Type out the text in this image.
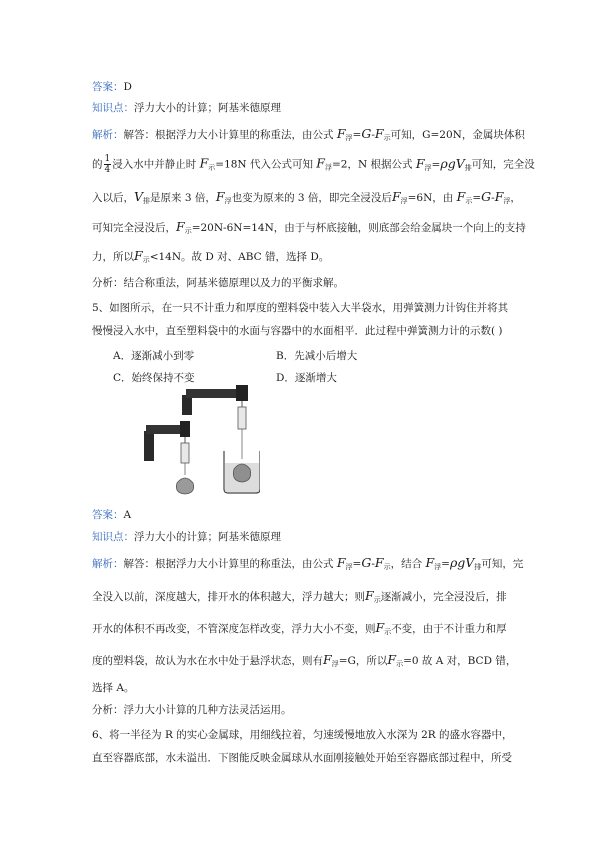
答案：D
知识点：浮力大小的计算；阿基米德原理
解析：解答：根据浮力大小计算里的称重法，由公式 $F_浮=G-F_示$可知，G=20N，金属块体积
的 $\frac{1}{4}$ 浸入水中并静止时 $F_示=18N$ 代入公式可知 $F_浮=2$，N 根据公式 $F_浮=\rho gV_排$可知，完全没
入以后，$V_排$是原来 3 倍，$F_浮$也变为原来的 3 倍，即完全浸没后$F_浮=6N$，由 $F_示=G-F_浮$，
可知完全浸没后，$F_示=20N-6N=14N$，由于与杯底接触，则底部会给金属块一个向上的支持
力，所以$F_示<14N$。故 D 对、ABC 错，选择 D。
分析：结合称重法，阿基米德原理以及力的平衡求解。
5、如图所示，在一只不计重力和厚度的塑料袋中装入大半袋水，用弹簧测力计钩住并将其
慢慢浸入水中，直至塑料袋中的水面与容器中的水面相平．此过程中弹簧测力计的示数( )
A．逐渐减小到零	B．先减小后增大
C．始终保持不变	D．逐渐增大
答案：A
知识点：浮力大小的计算；阿基米德原理
解析：解答：根据浮力大小计算里的称重法，由公式 $F_浮=G-F_示$，结合 $F_浮=\rho gV_排$可知，完
全没入以前，深度越大，排开水的体积越大，浮力越大；则$F_示$逐渐减小，完全浸没后，排
开水的体积不再改变，不管深度怎样改变，浮力大小不变，则$F_示$不变，由于不计重力和厚
度的塑料袋，故认为水在水中处于悬浮状态，则有$F_浮=G$，所以$F_示=0$ 故 A 对，BCD 错，
选择 A。
分析：浮力大小计算的几种方法灵活运用。
6、将一半径为 R 的实心金属球，用细线拉着，匀速缓慢地放入水深为 2R 的盛水容器中，
直至容器底部，水未溢出．下图能反映金属球从水面刚接触处开始至容器底部过程中，所受
